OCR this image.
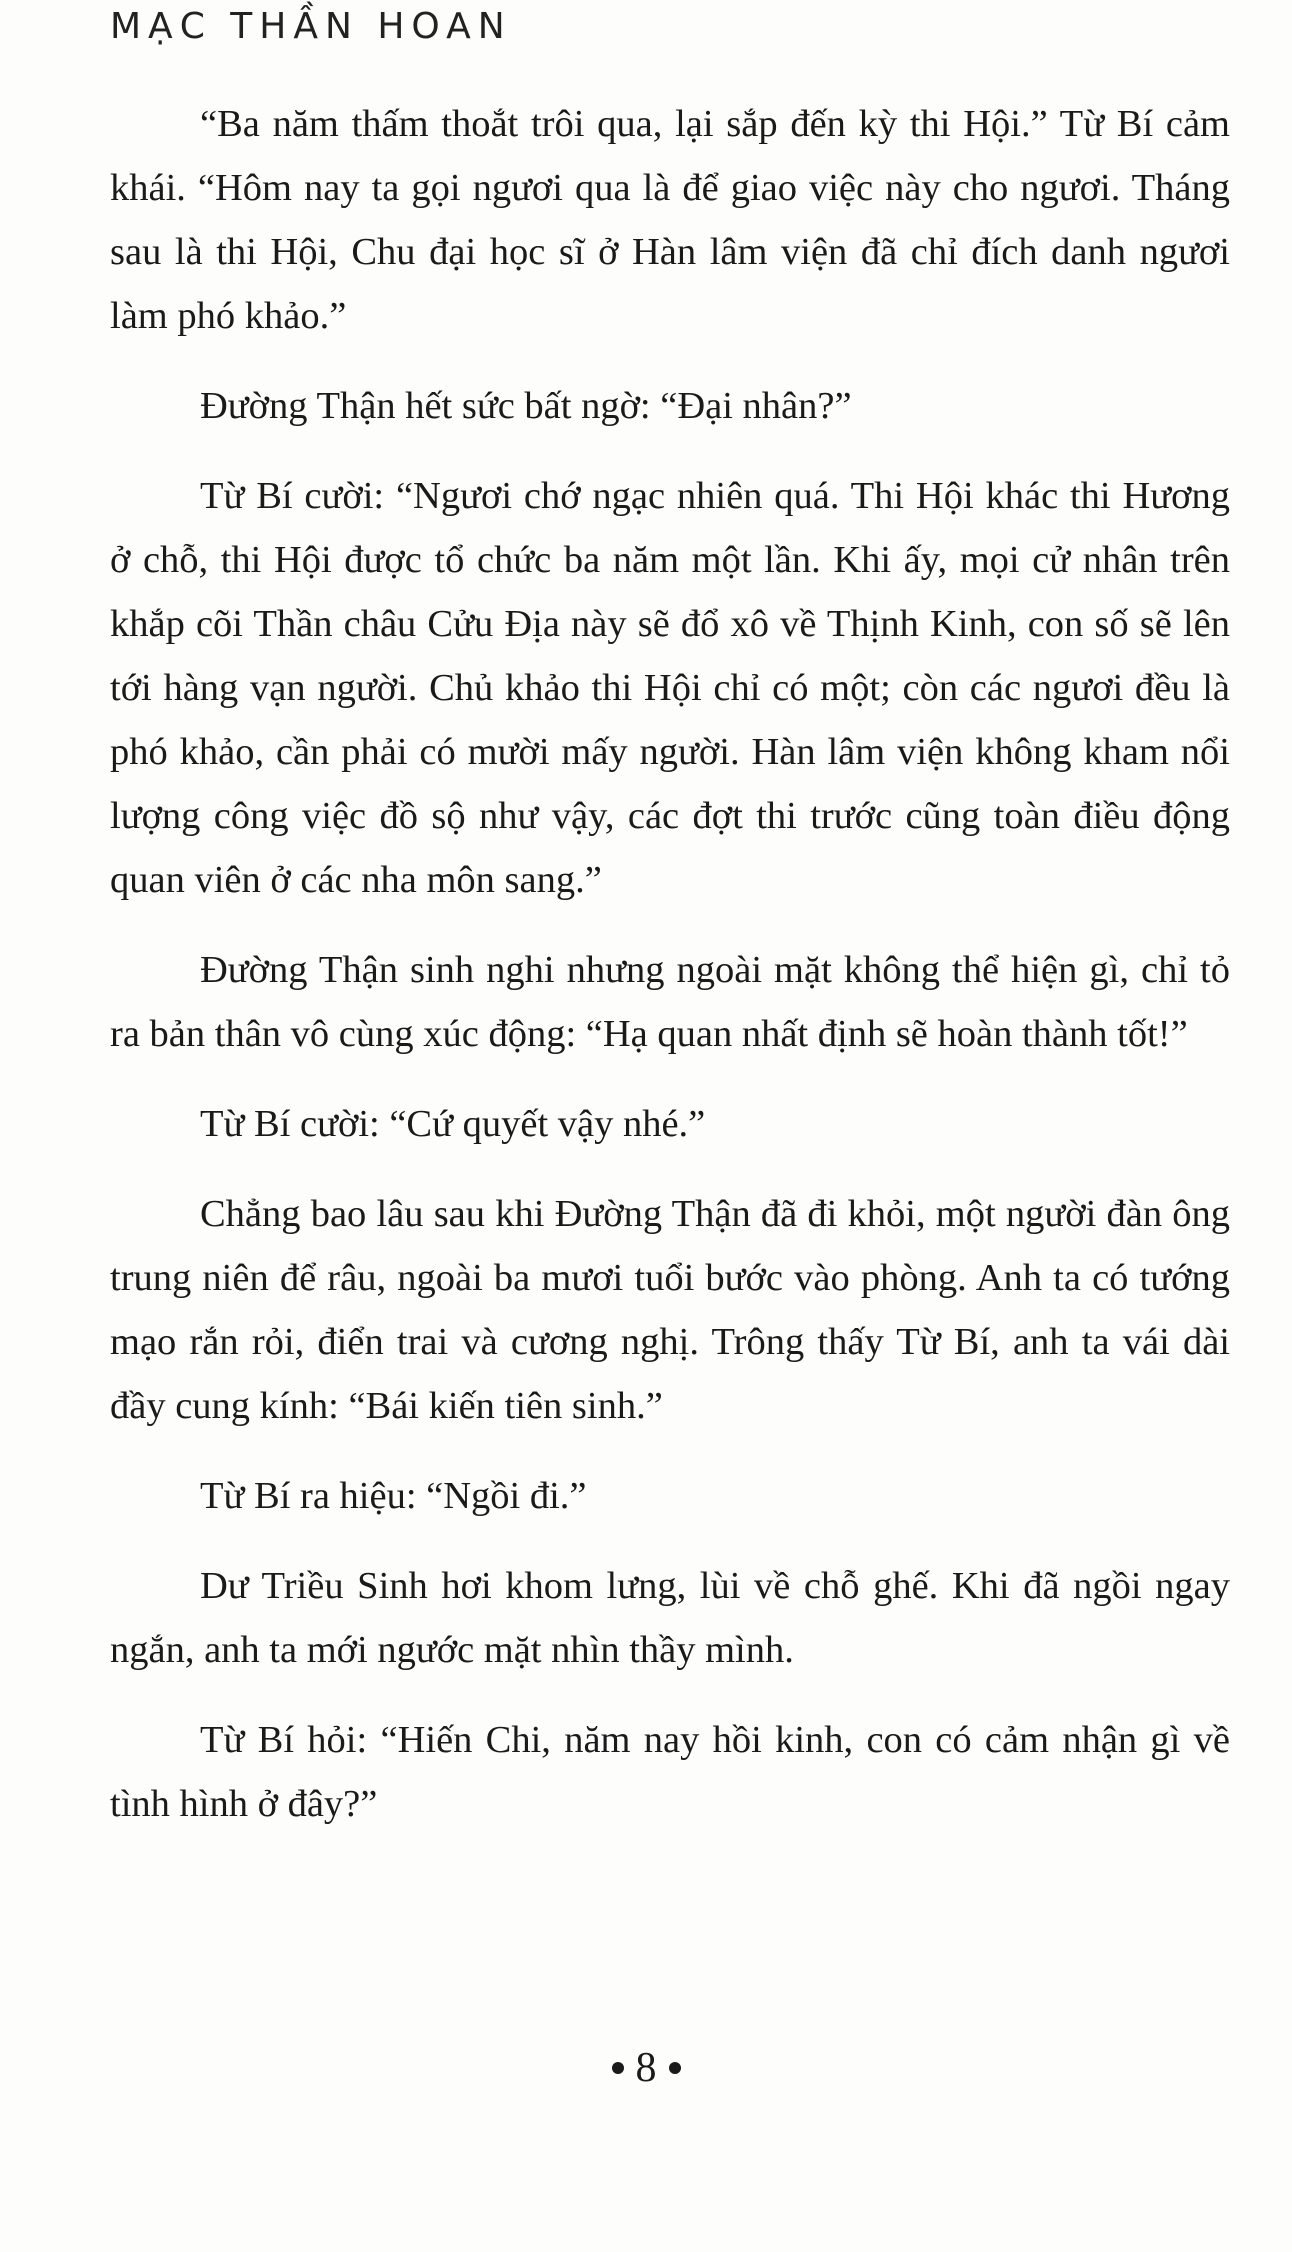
MẠC THẦN HOAN

“Ba năm thấm thoắt trôi qua, lại sắp đến kỳ thi Hội.” Từ Bí cảm khái. “Hôm nay ta gọi ngươi qua là để giao việc này cho ngươi. Tháng sau là thi Hội, Chu đại học sĩ ở Hàn lâm viện đã chỉ đích danh ngươi làm phó khảo.”

Đường Thận hết sức bất ngờ: “Đại nhân?”

Từ Bí cười: “Ngươi chớ ngạc nhiên quá. Thi Hội khác thi Hương ở chỗ, thi Hội được tổ chức ba năm một lần. Khi ấy, mọi cử nhân trên khắp cõi Thần châu Cửu Địa này sẽ đổ xô về Thịnh Kinh, con số sẽ lên tới hàng vạn người. Chủ khảo thi Hội chỉ có một; còn các ngươi đều là phó khảo, cần phải có mười mấy người. Hàn lâm viện không kham nổi lượng công việc đồ sộ như vậy, các đợt thi trước cũng toàn điều động quan viên ở các nha môn sang.”

Đường Thận sinh nghi nhưng ngoài mặt không thể hiện gì, chỉ tỏ ra bản thân vô cùng xúc động: “Hạ quan nhất định sẽ hoàn thành tốt!”

Từ Bí cười: “Cứ quyết vậy nhé.”

Chẳng bao lâu sau khi Đường Thận đã đi khỏi, một người đàn ông trung niên để râu, ngoài ba mươi tuổi bước vào phòng. Anh ta có tướng mạo rắn rỏi, điển trai và cương nghị. Trông thấy Từ Bí, anh ta vái dài đầy cung kính: “Bái kiến tiên sinh.”

Từ Bí ra hiệu: “Ngồi đi.”

Dư Triều Sinh hơi khom lưng, lùi về chỗ ghế. Khi đã ngồi ngay ngắn, anh ta mới ngước mặt nhìn thầy mình.

Từ Bí hỏi: “Hiến Chi, năm nay hồi kinh, con có cảm nhận gì về tình hình ở đây?”

8
